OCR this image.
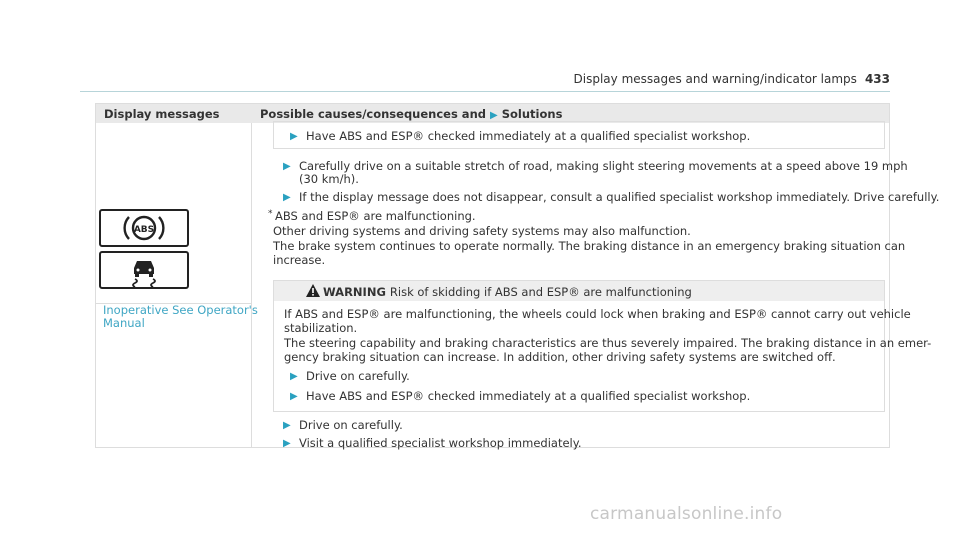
Display messages and warning/indicator lamps 433
Display messages	Possible causes/consequences and ▶ Solutions
▶ Have ABS and ESP® checked immediately at a qualified specialist workshop.
▶ Carefully drive on a suitable stretch of road, making slight steering movements at a speed above 19 mph
(30 km/h).
▶ If the display message does not disappear, consult a qualified specialist workshop immediately. Drive carefully.
ABS
Inoperative See Operator's
Manual
* ABS and ESP® are malfunctioning.
Other driving systems and driving safety systems may also malfunction.
The brake system continues to operate normally. The braking distance in an emergency braking situation can
increase.
WARNING Risk of skidding if ABS and ESP® are malfunctioning
If ABS and ESP® are malfunctioning, the wheels could lock when braking and ESP® cannot carry out vehicle
stabilization.
The steering capability and braking characteristics are thus severely impaired. The braking distance in an emer-
gency braking situation can increase. In addition, other driving safety systems are switched off.
▶ Drive on carefully.
▶ Have ABS and ESP® checked immediately at a qualified specialist workshop.
▶ Drive on carefully.
▶ Visit a qualified specialist workshop immediately.
carmanualsonline.info
